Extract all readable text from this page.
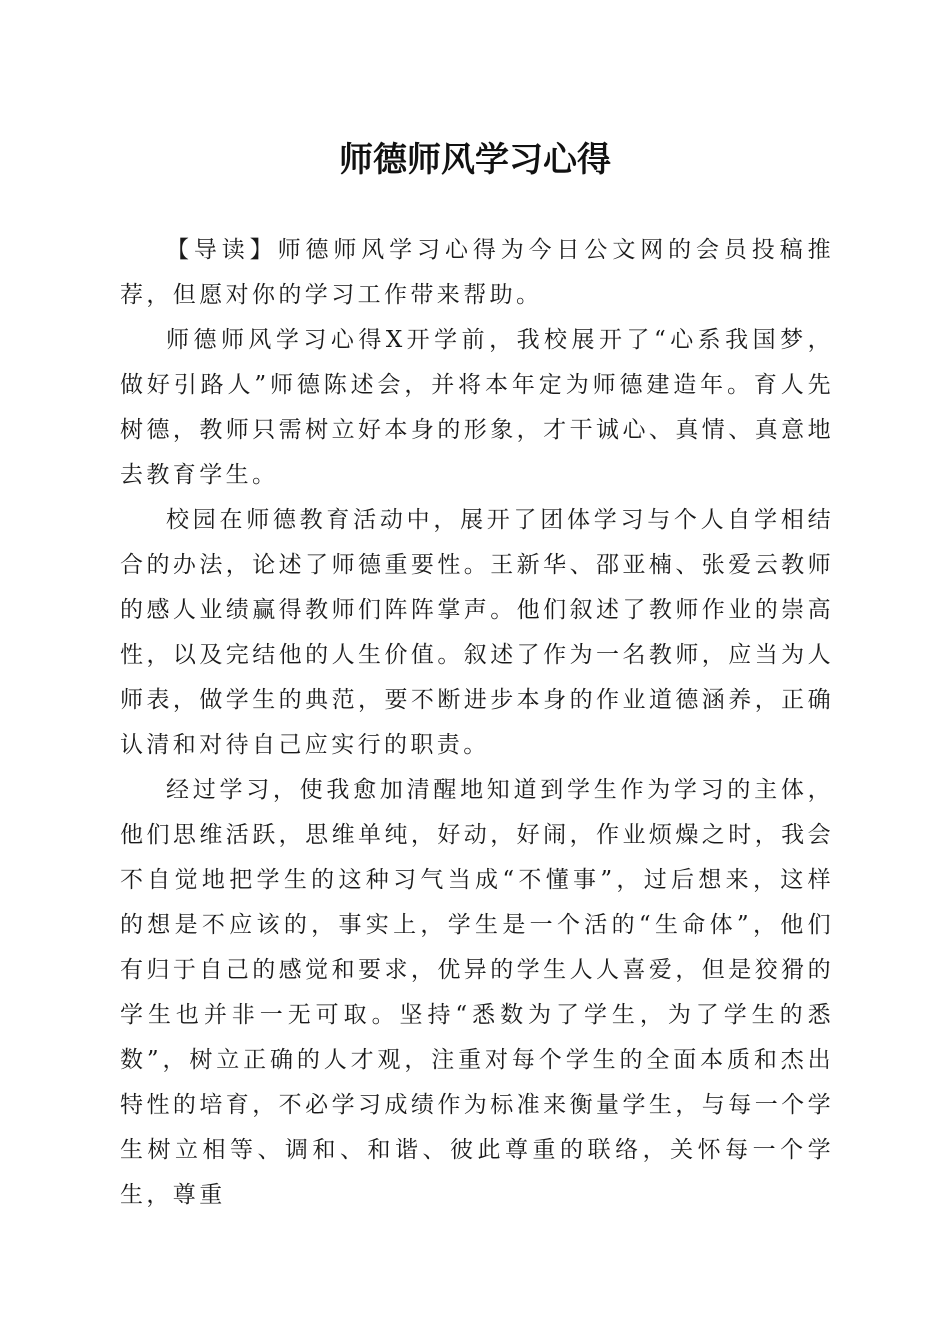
师德师风学习心得

【导读】师德师风学习心得为今日公文网的会员投稿推荐，但愿对你的学习工作带来帮助。

师德师风学习心得X开学前，我校展开了“心系我国梦，做好引路人”师德陈述会，并将本年定为师德建造年。育人先树德，教师只需树立好本身的形象，才干诚心、真情、真意地去教育学生。

校园在师德教育活动中，展开了团体学习与个人自学相结合的办法，论述了师德重要性。王新华、邵亚楠、张爱云教师的感人业绩赢得教师们阵阵掌声。他们叙述了教师作业的崇高性，以及完结他的人生价值。叙述了作为一名教师，应当为人师表，做学生的典范，要不断进步本身的作业道德涵养，正确认清和对待自己应实行的职责。

经过学习，使我愈加清醒地知道到学生作为学习的主体，他们思维活跃，思维单纯，好动，好闹，作业烦燥之时，我会不自觉地把学生的这种习气当成“不懂事”，过后想来，这样的想是不应该的，事实上，学生是一个活的“生命体”，他们有归于自己的感觉和要求，优异的学生人人喜爱，但是狡猾的学生也并非一无可取。坚持“悉数为了学生，为了学生的悉数”，树立正确的人才观，注重对每个学生的全面本质和杰出特性的培育，不必学习成绩作为标准来衡量学生，与每一个学生树立相等、调和、和谐、彼此尊重的联络，关怀每一个学生，尊重
